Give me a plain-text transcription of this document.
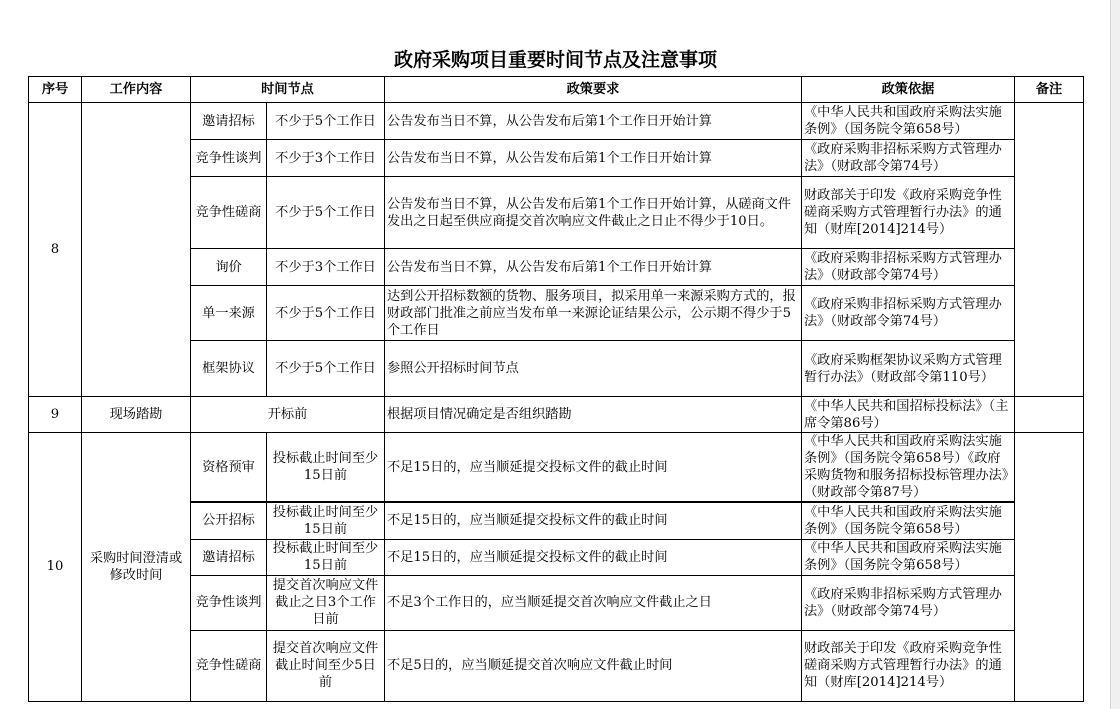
政府采购项目重要时间节点及注意事项
序号	工作内容	时间节点		政策要求	政策依据	备注
8		邀请招标	不少于5个工作日	公告发布当日不算，从公告发布后第1个工作日开始计算	《中华人民共和国政府采购法实施条例》（国务院令第658号）	
		竞争性谈判	不少于3个工作日	公告发布当日不算，从公告发布后第1个工作日开始计算	《政府采购非招标采购方式管理办法》（财政部令第74号）	
		竞争性磋商	不少于5个工作日	公告发布当日不算，从公告发布后第1个工作日开始计算，从磋商文件发出之日起至供应商提交首次响应文件截止之日止不得少于10日。	财政部关于印发《政府采购竞争性磋商采购方式管理暂行办法》的通知（财库[2014]214号）	
		询价	不少于3个工作日	公告发布当日不算，从公告发布后第1个工作日开始计算	《政府采购非招标采购方式管理办法》（财政部令第74号）	
		单一来源	不少于5个工作日	达到公开招标数额的货物、服务项目，拟采用单一来源采购方式的，报财政部门批准之前应当发布单一来源论证结果公示，公示期不得少于5个工作日	《政府采购非招标采购方式管理办法》（财政部令第74号）	
		框架协议	不少于5个工作日	参照公开招标时间节点	《政府采购框架协议采购方式管理暂行办法》（财政部令第110号）	
9	现场踏勘	开标前		根据项目情况确定是否组织踏勘	《中华人民共和国招标投标法》（主席令第86号）	
10	采购时间澄清或修改时间	资格预审	投标截止时间至少15日前	不足15日的，应当顺延提交投标文件的截止时间	《中华人民共和国政府采购法实施条例》（国务院令第658号）《政府采购货物和服务招标投标管理办法》（财政部令第87号）	
		公开招标	投标截止时间至少15日前	不足15日的，应当顺延提交投标文件的截止时间	《中华人民共和国政府采购法实施条例》（国务院令第658号）	
		邀请招标	投标截止时间至少15日前	不足15日的，应当顺延提交投标文件的截止时间	《中华人民共和国政府采购法实施条例》（国务院令第658号）	
		竞争性谈判	提交首次响应文件截止之日3个工作日前	不足3个工作日的，应当顺延提交首次响应文件截止之日	《政府采购非招标采购方式管理办法》（财政部令第74号）	
		竞争性磋商	提交首次响应文件截止时间至少5日前	不足5日的，应当顺延提交首次响应文件截止时间	财政部关于印发《政府采购竞争性磋商采购方式管理暂行办法》的通知（财库[2014]214号）	
